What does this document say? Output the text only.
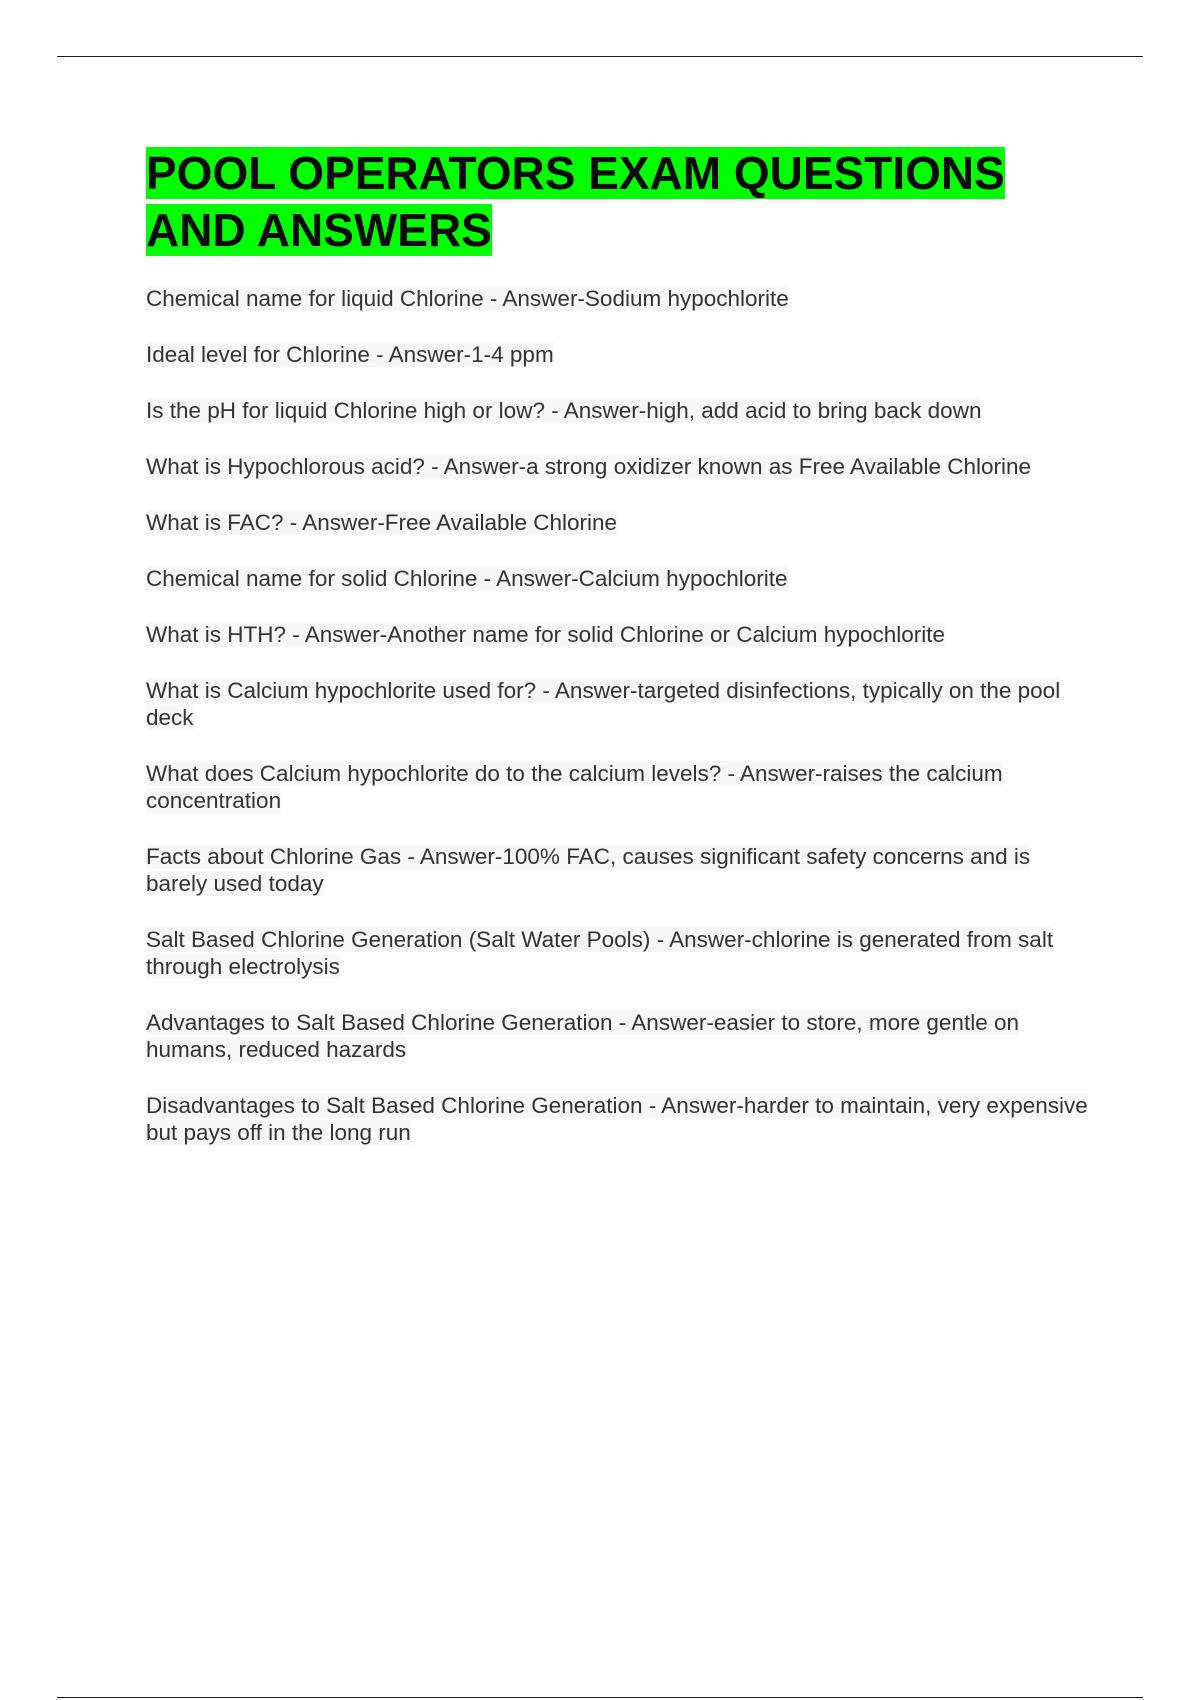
POOL OPERATORS EXAM QUESTIONS AND ANSWERS
Chemical name for liquid Chlorine - Answer-Sodium hypochlorite
Ideal level for Chlorine - Answer-1-4 ppm
Is the pH for liquid Chlorine high or low? - Answer-high, add acid to bring back down
What is Hypochlorous acid? - Answer-a strong oxidizer known as Free Available Chlorine
What is FAC? - Answer-Free Available Chlorine
Chemical name for solid Chlorine - Answer-Calcium hypochlorite
What is HTH? - Answer-Another name for solid Chlorine or Calcium hypochlorite
What is Calcium hypochlorite used for? - Answer-targeted disinfections, typically on the pool deck
What does Calcium hypochlorite do to the calcium levels? - Answer-raises the calcium concentration
Facts about Chlorine Gas - Answer-100% FAC, causes significant safety concerns and is barely used today
Salt Based Chlorine Generation (Salt Water Pools) - Answer-chlorine is generated from salt through electrolysis
Advantages to Salt Based Chlorine Generation - Answer-easier to store, more gentle on humans, reduced hazards
Disadvantages to Salt Based Chlorine Generation - Answer-harder to maintain, very expensive but pays off in the long run
